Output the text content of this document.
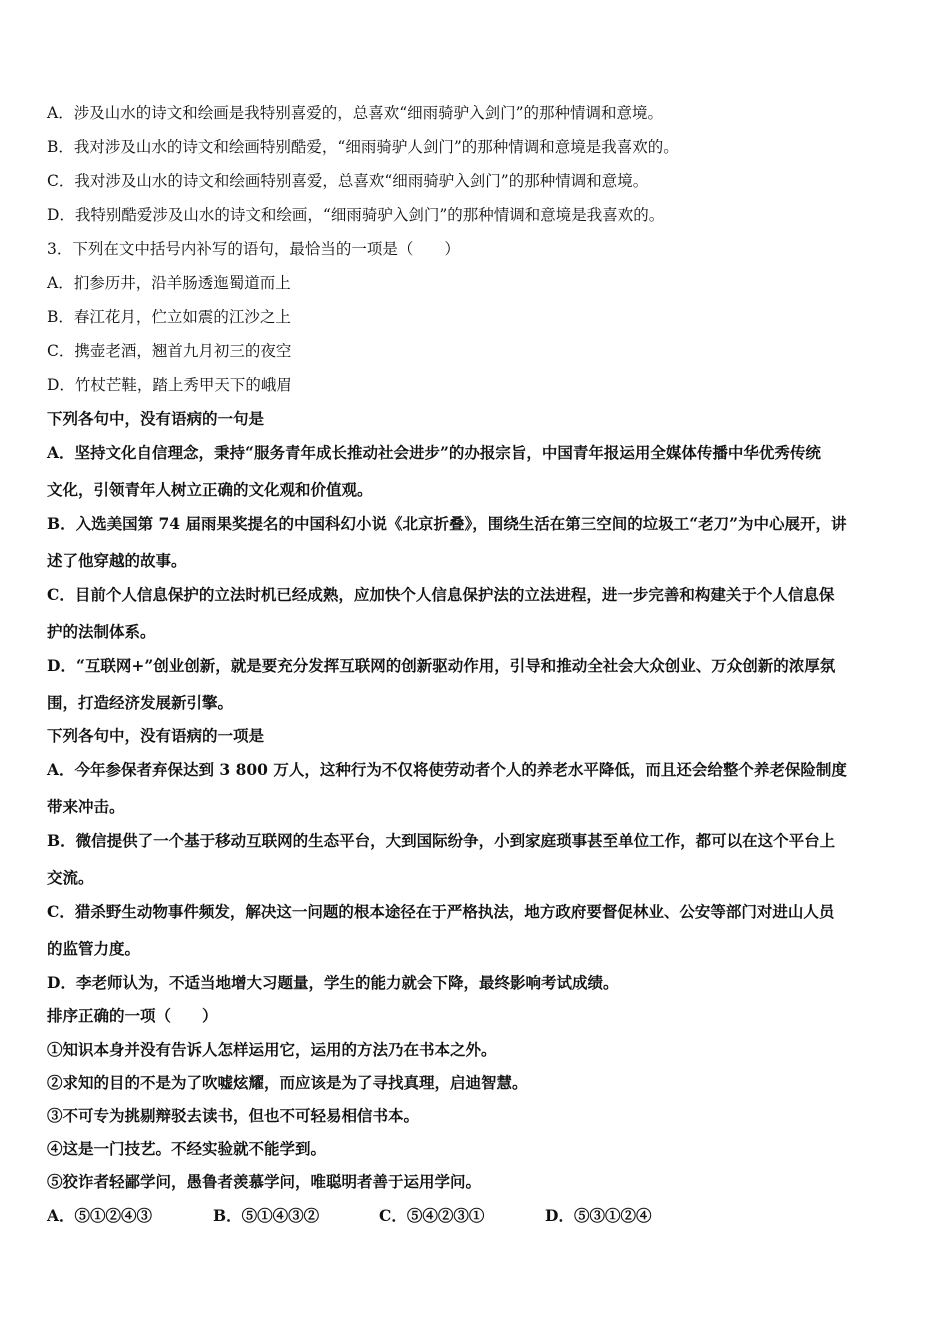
A．涉及山水的诗文和绘画是我特别喜爱的，总喜欢“细雨骑驴入剑门”的那种情调和意境。
B．我对涉及山水的诗文和绘画特别酷爱，“细雨骑驴人剑门”的那种情调和意境是我喜欢的。
C．我对涉及山水的诗文和绘画特别喜爱，总喜欢“细雨骑驴入剑门”的那种情调和意境。
D．我特别酷爱涉及山水的诗文和绘画，“细雨骑驴入剑门”的那种情调和意境是我喜欢的。
3．下列在文中括号内补写的语句，最恰当的一项是（　　）
A．扪参历井，沿羊肠透迤蜀道而上
B．春江花月，伫立如震的江沙之上
C．携壶老酒，翘首九月初三的夜空
D．竹杖芒鞋，踏上秀甲天下的峨眉
下列各句中，没有语病的一句是
A．坚持文化自信理念，秉持“服务青年成长推动社会进步”的办报宗旨，中国青年报运用全媒体传播中华优秀传统
文化，引领青年人树立正确的文化观和价值观。
B．入选美国第 74 届雨果奖提名的中国科幻小说《北京折叠》，围绕生活在第三空间的垃圾工“老刀”为中心展开，讲
述了他穿越的故事。
C．目前个人信息保护的立法时机已经成熟，应加快个人信息保护法的立法进程，进一步完善和构建关于个人信息保
护的法制体系。
D．“互联网+”创业创新，就是要充分发挥互联网的创新驱动作用，引导和推动全社会大众创业、万众创新的浓厚氛
围，打造经济发展新引擎。
下列各句中，没有语病的一项是
A．今年参保者弃保达到 3 800 万人，这种行为不仅将使劳动者个人的养老水平降低，而且还会给整个养老保险制度
带来冲击。
B．微信提供了一个基于移动互联网的生态平台，大到国际纷争，小到家庭琐事甚至单位工作，都可以在这个平台上
交流。
C．猎杀野生动物事件频发，解决这一问题的根本途径在于严格执法，地方政府要督促林业、公安等部门对进山人员
的监管力度。
D．李老师认为，不适当地增大习题量，学生的能力就会下降，最终影响考试成绩。
排序正确的一项（　　）
①知识本身并没有告诉人怎样运用它，运用的方法乃在书本之外。
②求知的目的不是为了吹嘘炫耀，而应该是为了寻找真理，启迪智慧。
③不可专为挑剔辩驳去读书，但也不可轻易相信书本。
④这是一门技艺。不经实验就不能学到。
⑤狡诈者轻鄙学问，愚鲁者羡慕学问，唯聪明者善于运用学问。
A．⑤①②④③	B．⑤①④③②	C．⑤④②③①	D．⑤③①②④
